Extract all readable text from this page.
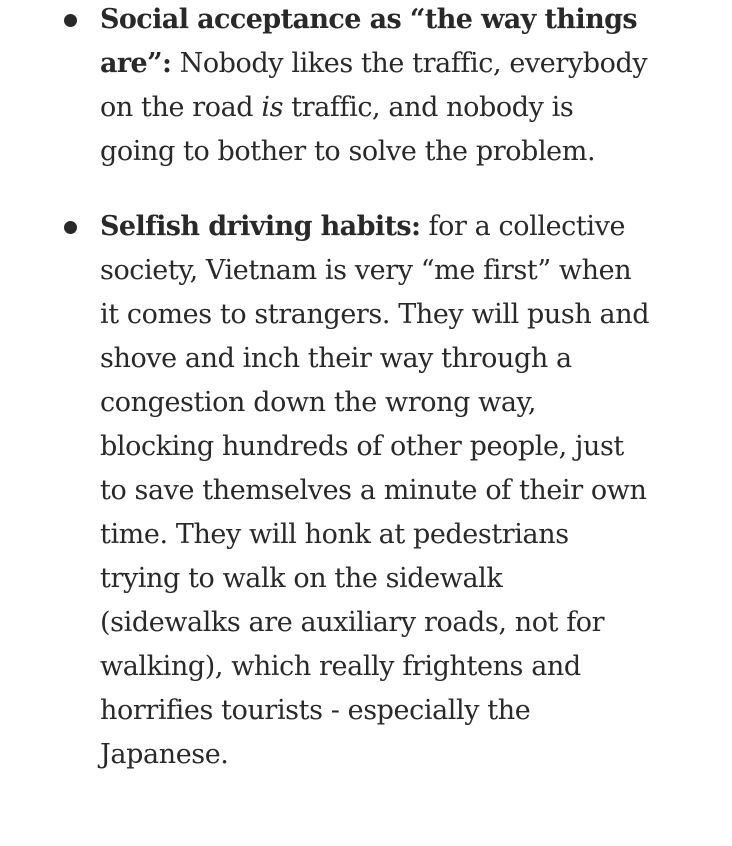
Social acceptance as “the way things are”: Nobody likes the traffic, everybody on the road is traffic, and nobody is going to bother to solve the problem.
Selfish driving habits: for a collective society, Vietnam is very “me first” when it comes to strangers. They will push and shove and inch their way through a congestion down the wrong way, blocking hundreds of other people, just to save themselves a minute of their own time. They will honk at pedestrians trying to walk on the sidewalk (sidewalks are auxiliary roads, not for walking), which really frightens and horrifies tourists - especially the Japanese.
